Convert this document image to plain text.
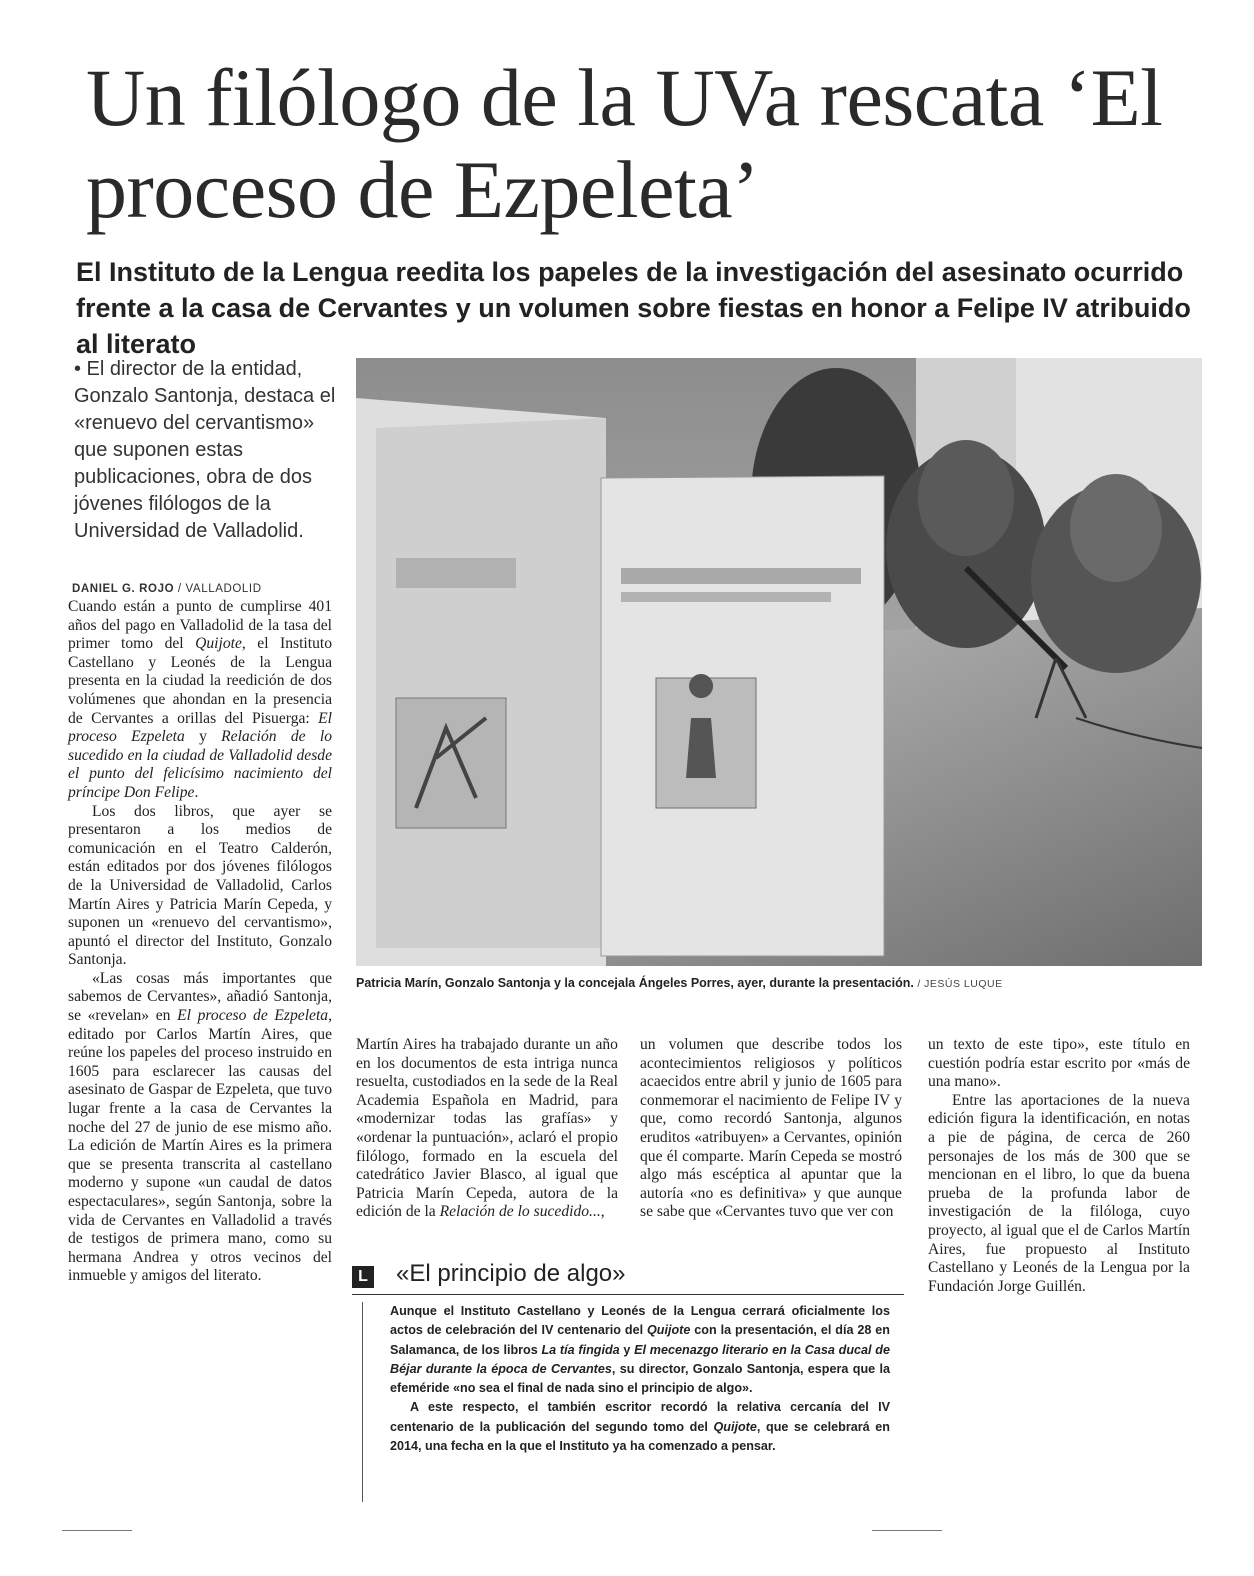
Un filólogo de la UVa rescata ‘El proceso de Ezpeleta’
El Instituto de la Lengua reedita los papeles de la investigación del asesinato ocurrido frente a la casa de Cervantes y un volumen sobre fiestas en honor a Felipe IV atribuido al literato

• El director de la entidad, Gonzalo Santonja, destaca el «renuevo del cervantismo» que suponen estas publicaciones, obra de dos jóvenes filólogos de la Universidad de Valladolid.

Patricia Marín, Gonzalo Santonja y la concejala Ángeles Porres, ayer, durante la presentación. / JESÚS LUQUE
DANIEL G. ROJO / VALLADOLID

Cuando están a punto de cumplirse 401 años del pago en Valladolid de la tasa del primer tomo del Quijote, el Instituto Castellano y Leonés de la Lengua presenta en la ciudad la reedición de dos volúmenes que ahondan en la presencia de Cervantes a orillas del Pisuerga: El proceso Ezpeleta y Relación de lo sucedido en la ciudad de Valladolid desde el punto del felicísimo nacimiento del príncipe Don Felipe.

Los dos libros, que ayer se presentaron a los medios de comunicación en el Teatro Calderón, están editados por dos jóvenes filólogos de la Universidad de Valladolid, Carlos Martín Aires y Patricia Marín Cepeda, y suponen un «renuevo del cervantismo», apuntó el director del Instituto, Gonzalo Santonja.

«Las cosas más importantes que sabemos de Cervantes», añadió Santonja, se «revelan» en El proceso de Ezpeleta, editado por Carlos Martín Aires, que reúne los papeles del proceso instruido en 1605 para esclarecer las causas del asesinato de Gaspar de Ezpeleta, que tuvo lugar frente a la casa de Cervantes la noche del 27 de junio de ese mismo año. La edición de Martín Aires es la primera que se presenta transcrita al castellano moderno y supone «un caudal de datos espectaculares», según Santonja, sobre la vida de Cervantes en Valladolid a través de testigos de primera mano, como su hermana Andrea y otros vecinos del inmueble y amigos del literato.

Martín Aires ha trabajado durante un año en los documentos de esta intriga nunca resuelta, custodiados en la sede de la Real Academia Española en Madrid, para «modernizar todas las grafías» y «ordenar la puntuación», aclaró el propio filólogo, formado en la escuela del catedrático Javier Blasco, al igual que Patricia Marín Cepeda, autora de la edición de la Relación de lo sucedido...,

un volumen que describe todos los acontecimientos religiosos y políticos acaecidos entre abril y junio de 1605 para conmemorar el nacimiento de Felipe IV y que, como recordó Santonja, algunos eruditos «atribuyen» a Cervantes, opinión que él comparte. Marín Cepeda se mostró algo más escéptica al apuntar que la autoría «no es definitiva» y que aunque se sabe que «Cervantes tuvo que ver con

un texto de este tipo», este título en cuestión podría estar escrito por «más de una mano».

Entre las aportaciones de la nueva edición figura la identificación, en notas a pie de página, de cerca de 260 personajes de los más de 300 que se mencionan en el libro, lo que da buena prueba de la profunda labor de investigación de la filóloga, cuyo proyecto, al igual que el de Carlos Martín Aires, fue propuesto al Instituto Castellano y Leonés de la Lengua por la Fundación Jorge Guillén.

L «El principio de algo»

Aunque el Instituto Castellano y Leonés de la Lengua cerrará oficialmente los actos de celebración del IV centenario del Quijote con la presentación, el día 28 en Salamanca, de los libros La tía fingida y El mecenazgo literario en la Casa ducal de Béjar durante la época de Cervantes, su director, Gonzalo Santonja, espera que la efeméride «no sea el final de nada sino el principio de algo».

A este respecto, el también escritor recordó la relativa cercanía del IV centenario de la publicación del segundo tomo del Quijote, que se celebrará en 2014, una fecha en la que el Instituto ya ha comenzado a pensar.
